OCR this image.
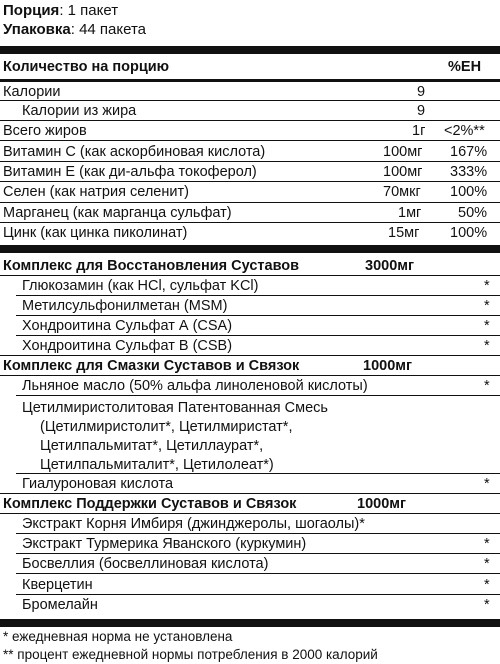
Порция: 1 пакет
Упаковка: 44 пакета
Количество на порцию	%ЕН
Калории	9
Калории из жира	9
Всего жиров	1г <2%**
Витамин С (как аскорбиновая кислота)	100мг 167%
Витамин Е (как ди-альфа токоферол)	100мг 333%
Селен (как натрия селенит)	70мкг 100%
Марганец (как марганца сульфат)	1мг	50%
Цинк (как цинка пиколинат)	15мг 100%
Комплекс для Восстановления Суставов	3000мг
Глюкозамин (как HCl, сульфат KCl)	*
Метилсульфонилметан (MSM)	*
Хондроитина Сульфат А (CSA)	*
Хондроитина Сульфат В (CSB)	*
Комплекс для Смазки Суставов и Связок	1000мг
Льняное масло (50% альфа линоленовой кислоты)	*
Цетилмиристолитовая Патентованная Смесь
(Цетилмиристолит*, Цетилмиристат*,
Цетилпальмитат*, Цетиллаурат*,
Цетилпальмиталит*, Цетилолеат*)
Гиалуроновая кислота	*
Комплекс Поддержки Суставов и Связок	1000мг
Экстракт Корня Имбиря (джинджеролы, шогаолы)*
Экстракт Турмерика Яванского (куркумин)	*
Босвеллия (босвеллиновая кислота)	*
Кверцетин	*
Бромелайн	*
* ежедневная норма не установлена
** процент ежедневной нормы потребления в 2000 калорий
